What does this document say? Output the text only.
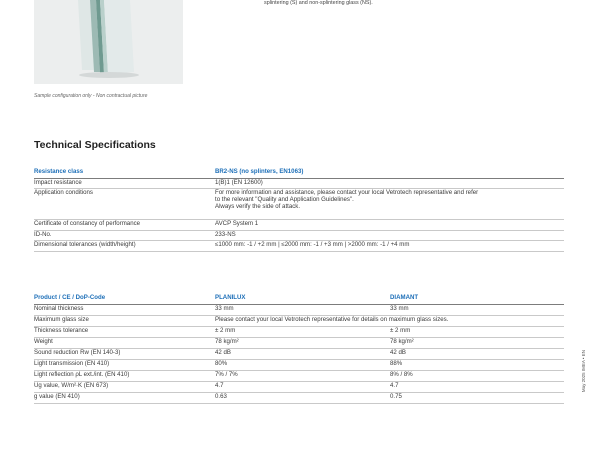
Sample configuration only - Non contractual picture
splintering (S) and non-splintering glass (NS).
Technical Specifications
Resistance class	BR2-NS (no splinters, EN1063)
Impact resistance	1(B)1 (EN 12600)
Application conditions	For more information and assistance, please contact your local Vetrotech representative and refer
to the relevant "Quality and Application Guidelines".
Always verify the side of attack.

Certificate of constancy of performance	AVCP System 1
ID-No.	233-NS
Dimensional tolerances (width/height)	≤1000 mm: -1 / +2 mm | ≤2000 mm: -1 / +3 mm | >2000 mm: -1 / +4 mm
Product / CE / DoP-Code	PLANILUX	DIAMANT
Nominal thickness	33 mm	33 mm
Maximum glass size	Please contact your local Vetrotech representative for details on maximum glass sizes.	
Thickness tolerance	± 2 mm	± 2 mm
Weight	78 kg/m²	78 kg/m²
Sound reduction Rw (EN 140-3)	42 dB	42 dB
Light transmission (EN 410)	80%	88%
Light reflection ρL ext./int. (EN 410)	7% / 7%	8% / 8%
Ug value, W/m²·K (EN 673)	4.7	4.7
g value (EN 410)	0.63	0.75
May 2025 IMEA • EN
